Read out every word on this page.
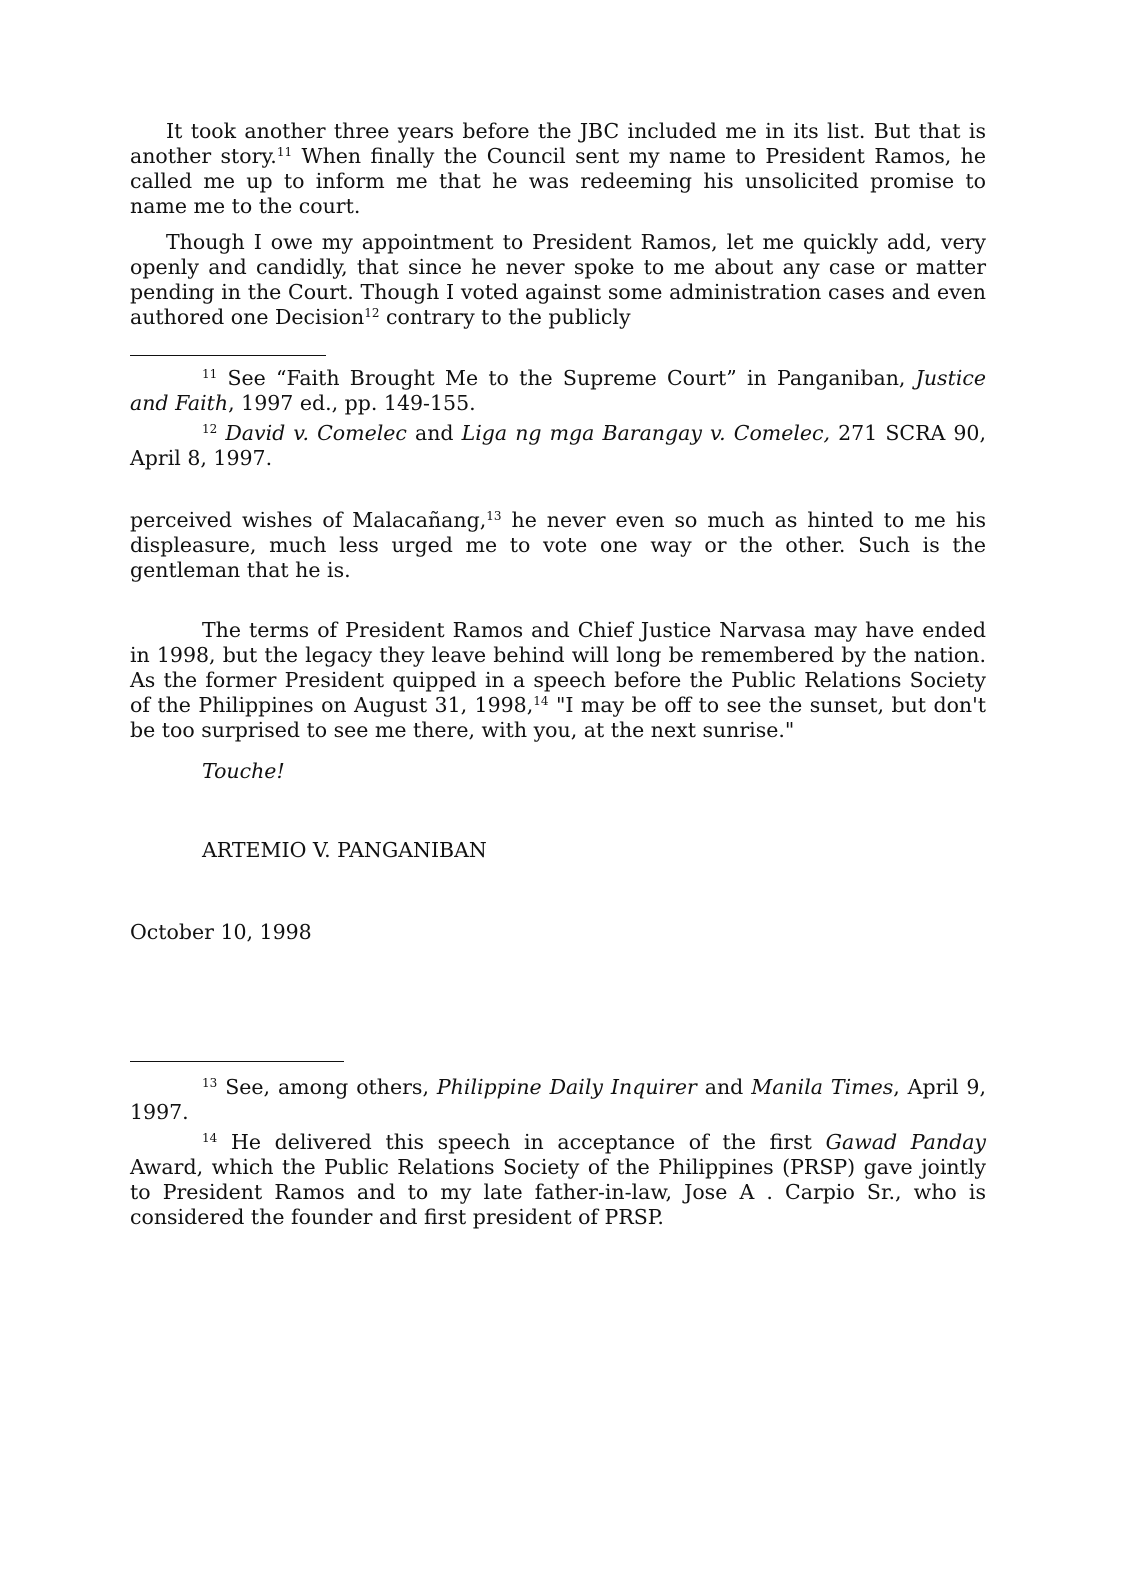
It took another three years before the JBC included me in its list. But that is another story.$^{11}$ When finally the Council sent my name to President Ramos, he called me up to inform me that he was redeeming his unsolicited promise to name me to the court.

Though I owe my appointment to President Ramos, let me quickly add, very openly and candidly, that since he never spoke to me about any case or matter pending in the Court. Though I voted against some administration cases and even authored one Decision$^{12}$ contrary to the publicly

$^{11}$ See “Faith Brought Me to the Supreme Court” in Panganiban, Justice and Faith, 1997 ed., pp. 149-155.

$^{12}$ David v. Comelec and Liga ng mga Barangay v. Comelec, 271 SCRA 90, April 8, 1997.

perceived wishes of Malacañang,$^{13}$ he never even so much as hinted to me his displeasure, much less urged me to vote one way or the other. Such is the gentleman that he is.

The terms of President Ramos and Chief Justice Narvasa may have ended in 1998, but the legacy they leave behind will long be remembered by the nation. As the former President quipped in a speech before the Public Relations Society of the Philippines on August 31, 1998,14 "I may be off to see the sunset, but don't be too surprised to see me there, with you, at the next sunrise."

Touche!
ARTEMIO V. PANGANIBAN
October 10, 1998

$^{13}$ See, among others, Philippine Daily Inquirer and Manila Times, April 9, 1997.

$^{14}$ He delivered this speech in acceptance of the first Gawad Panday Award, which the Public Relations Society of the Philippines (PRSP) gave jointly to President Ramos and to my late father-in-law, Jose A . Carpio Sr., who is considered the founder and first president of PRSP.
